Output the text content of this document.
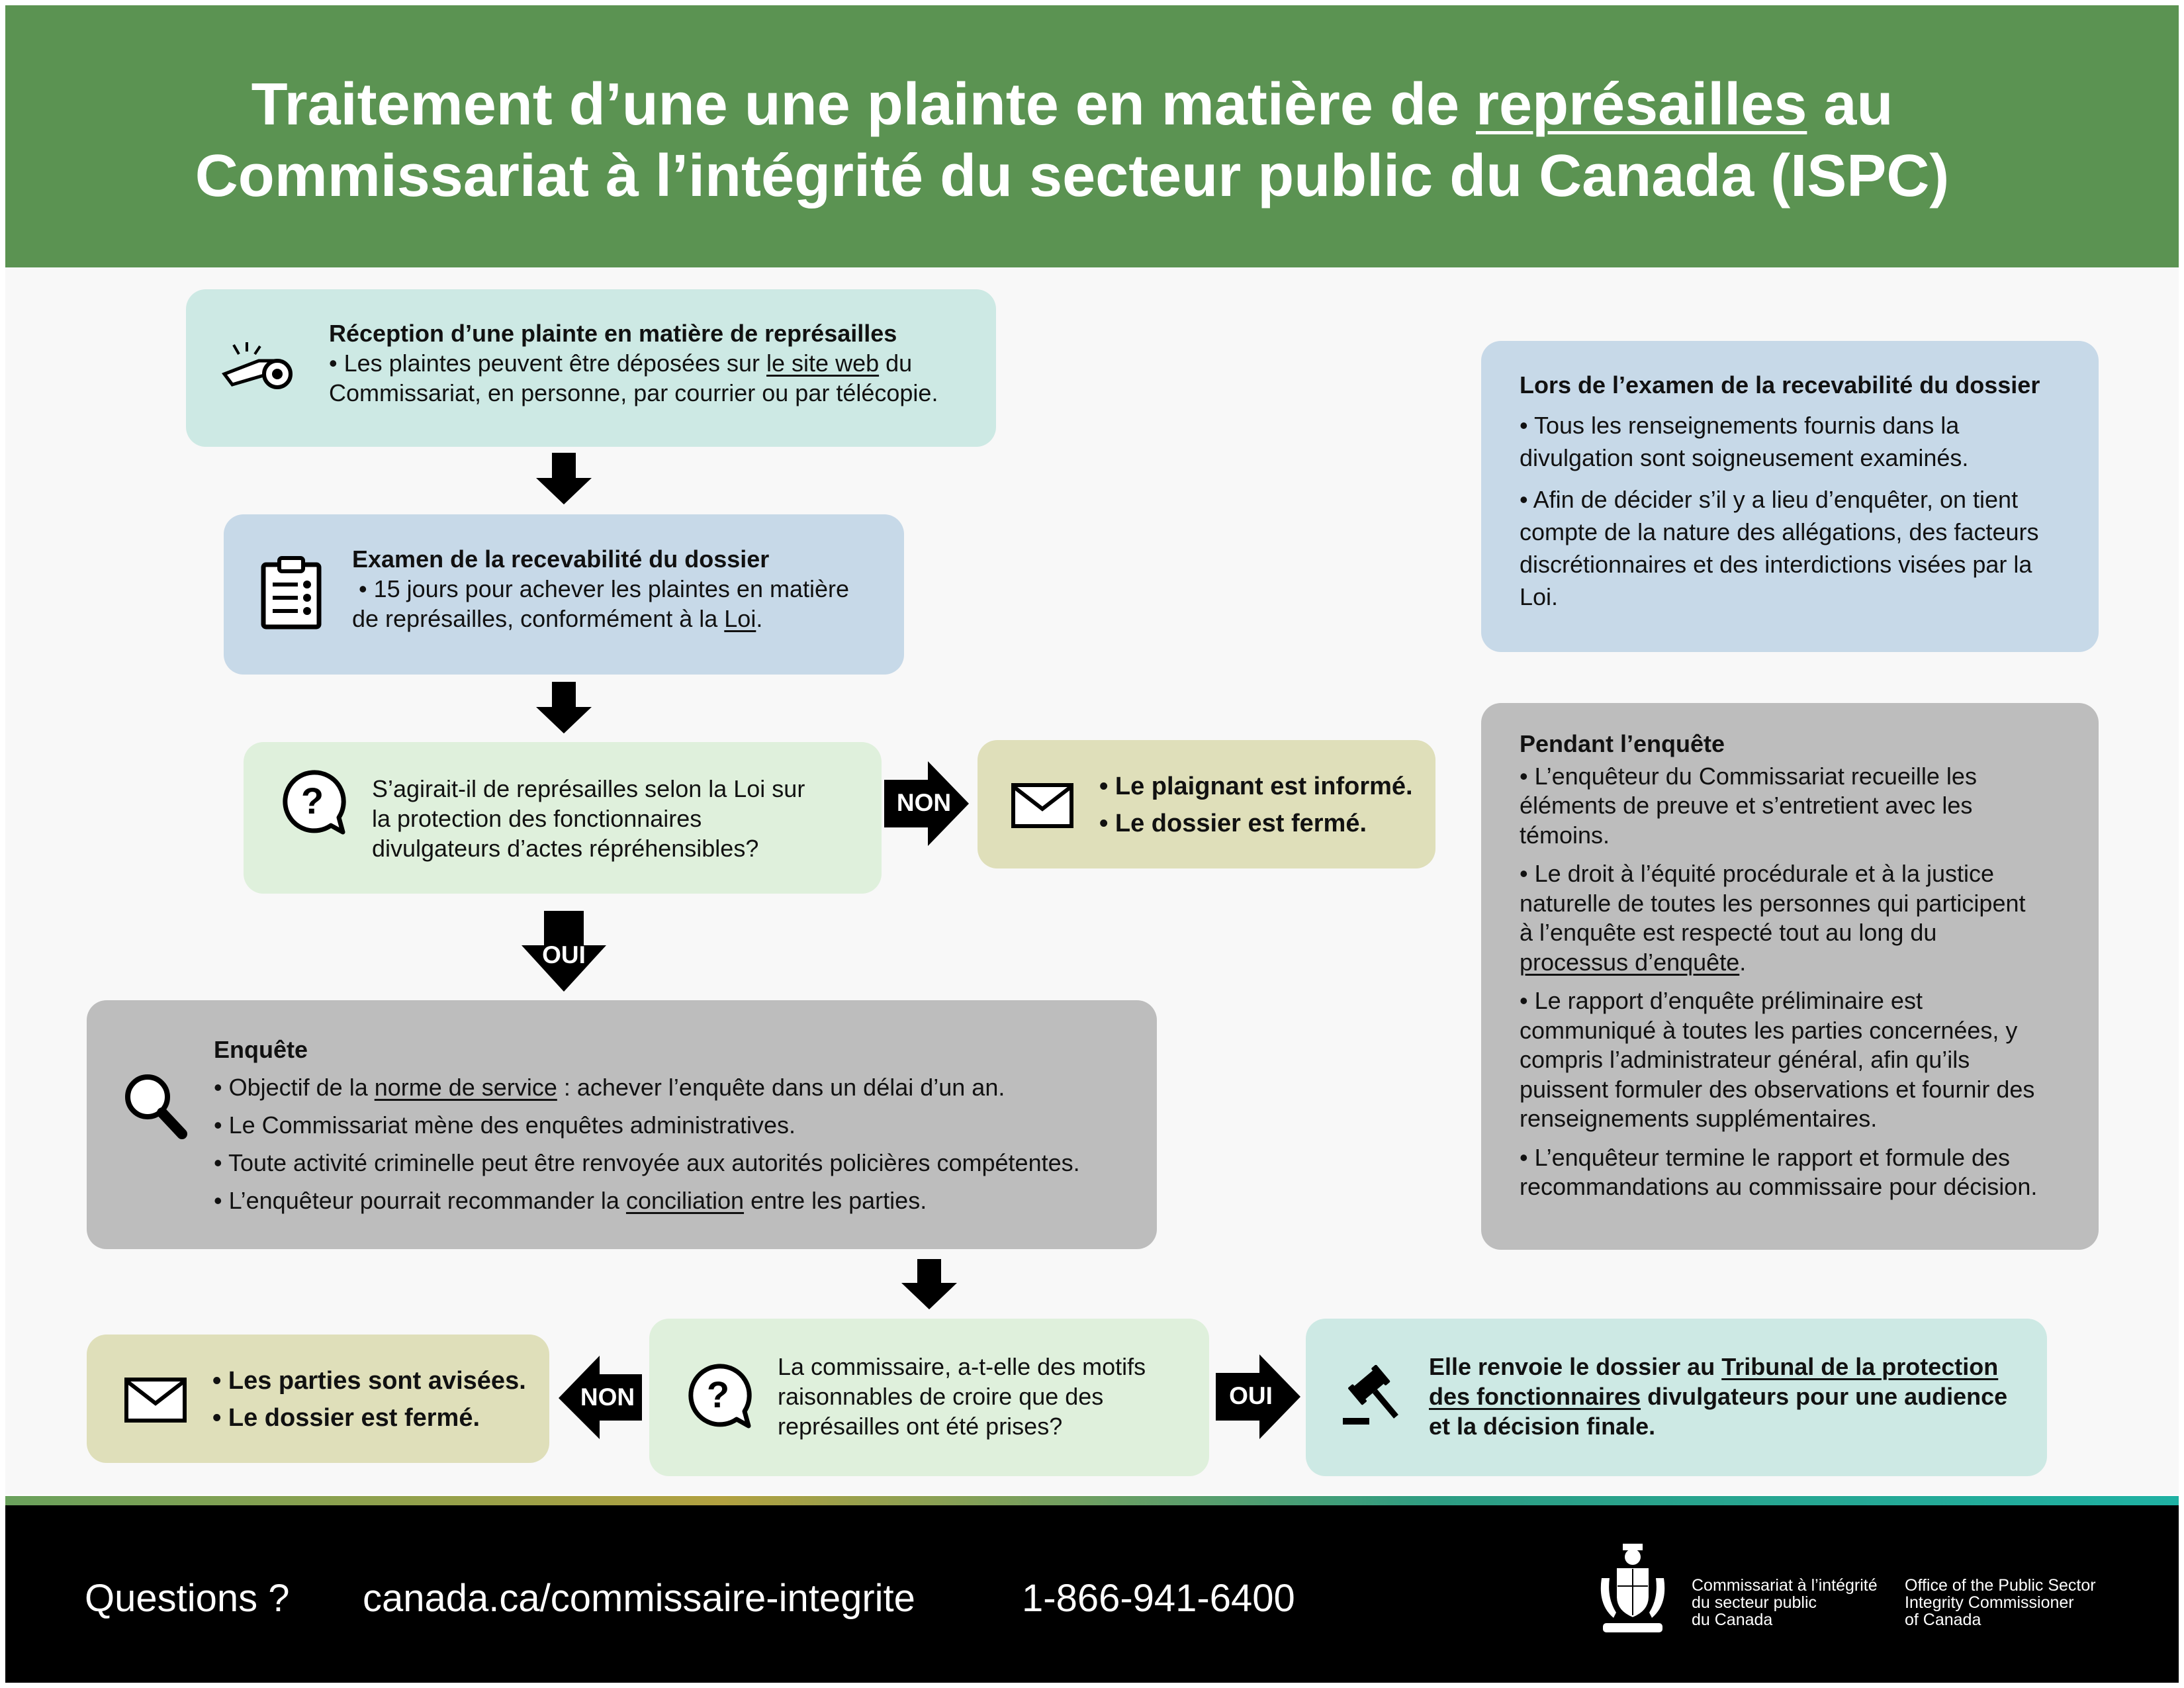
Traitement d’une une plainte en matière de représailles au
Commissariat à l’intégrité du secteur public du Canada (ISPC)

Réception d’une plainte en matière de représailles

• Les plaintes peuvent être déposées sur le site web du

Commissariat, en personne, par courrier ou par télécopie.

Examen de la recevabilité du dossier

• 15 jours pour achever les plaintes en matière

de représailles, conformément à la Loi.

? S’agirait-il de représailles selon la Loi sur

la protection des fonctionnaires

divulgateurs d’actes répréhensibles?

NON

• Le plaignant est informé.

• Le dossier est fermé.

OUI

Enquête

• Objectif de la norme de service : achever l’enquête dans un délai d’un an.

• Le Commissariat mène des enquêtes administratives.

• Toute activité criminelle peut être renvoyée aux autorités policières compétentes.

• L’enquêteur pourrait recommander la conciliation entre les parties.

?

La commissaire, a-t-elle des motifs

raisonnables de croire que des

représailles ont été prises?

NON

• Les parties sont avisées.

• Le dossier est fermé.

OUI

Elle renvoie le dossier au Tribunal de la protection

des fonctionnaires divulgateurs pour une audience

et la décision finale.

Lors de l’examen de la recevabilité du dossier

• Tous les renseignements fournis dans la

divulgation sont soigneusement examinés.

• Afin de décider s’il y a lieu d’enquêter, on tient

compte de la nature des allégations, des facteurs

discrétionnaires et des interdictions visées par la

Loi.

Pendant l’enquête

• L’enquêteur du Commissariat recueille les

éléments de preuve et s’entretient avec les

témoins.

• Le droit à l’équité procédurale et à la justice

naturelle de toutes les personnes qui participent

à l’enquête est respecté tout au long du

processus d’enquête.

• Le rapport d’enquête préliminaire est

communiqué à toutes les parties concernées, y

compris l’administrateur général, afin qu’ils

puissent formuler des observations et fournir des

renseignements supplémentaires.

• L’enquêteur termine le rapport et formule des

recommandations au commissaire pour décision.

Questions ? canada.ca/commissaire-integrite	1-866-941-6400	Commissariat à l’intégrité
du secteur public
du Canada
Office of the Public Sector
Integrity Commissioner
of Canada
